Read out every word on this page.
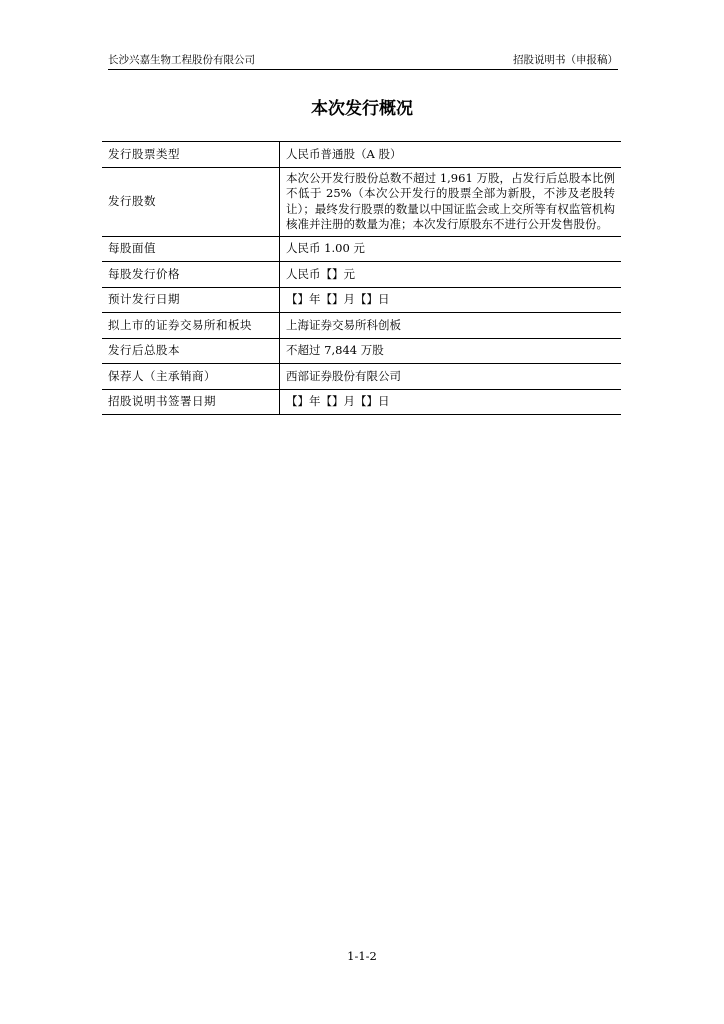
长沙兴嘉生物工程股份有限公司	招股说明书（申报稿）
本次发行概况
发行股票类型	人民币普通股（A 股）
发行股数	本次公开发行股份总数不超过 1,961 万股，占发行后总股本比例不低于 25%（本次公开发行的股票全部为新股，不涉及老股转让）；最终发行股票的数量以中国证监会或上交所等有权监管机构核准并注册的数量为准；本次发行原股东不进行公开发售股份。
每股面值	人民币 1.00 元
每股发行价格	人民币【】元
预计发行日期	【】年【】月【】日
拟上市的证券交易所和板块	上海证券交易所科创板
发行后总股本	不超过 7,844 万股
保荐人（主承销商）	西部证券股份有限公司
招股说明书签署日期	【】年【】月【】日
1-1-2
